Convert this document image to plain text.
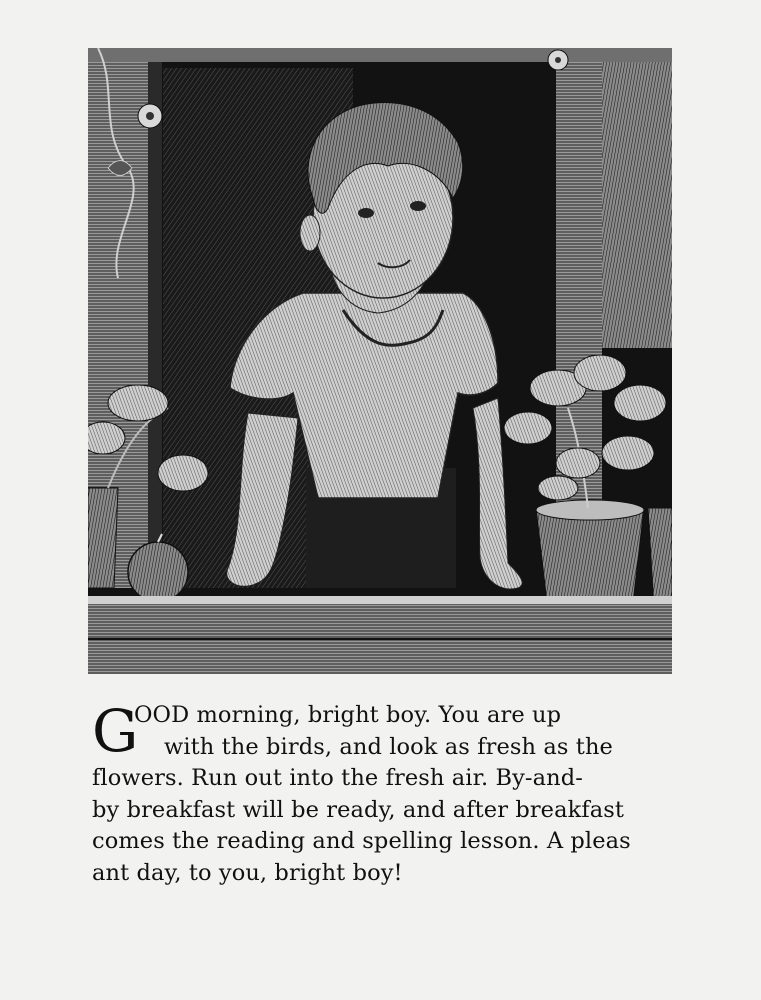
G
OOD morning, bright boy. You are up
with the birds, and look as fresh as the
flowers. Run out into the fresh air. By-and-
by breakfast will be ready, and after breakfast
comes the reading and spelling lesson. A pleas
ant day, to you, bright boy!
